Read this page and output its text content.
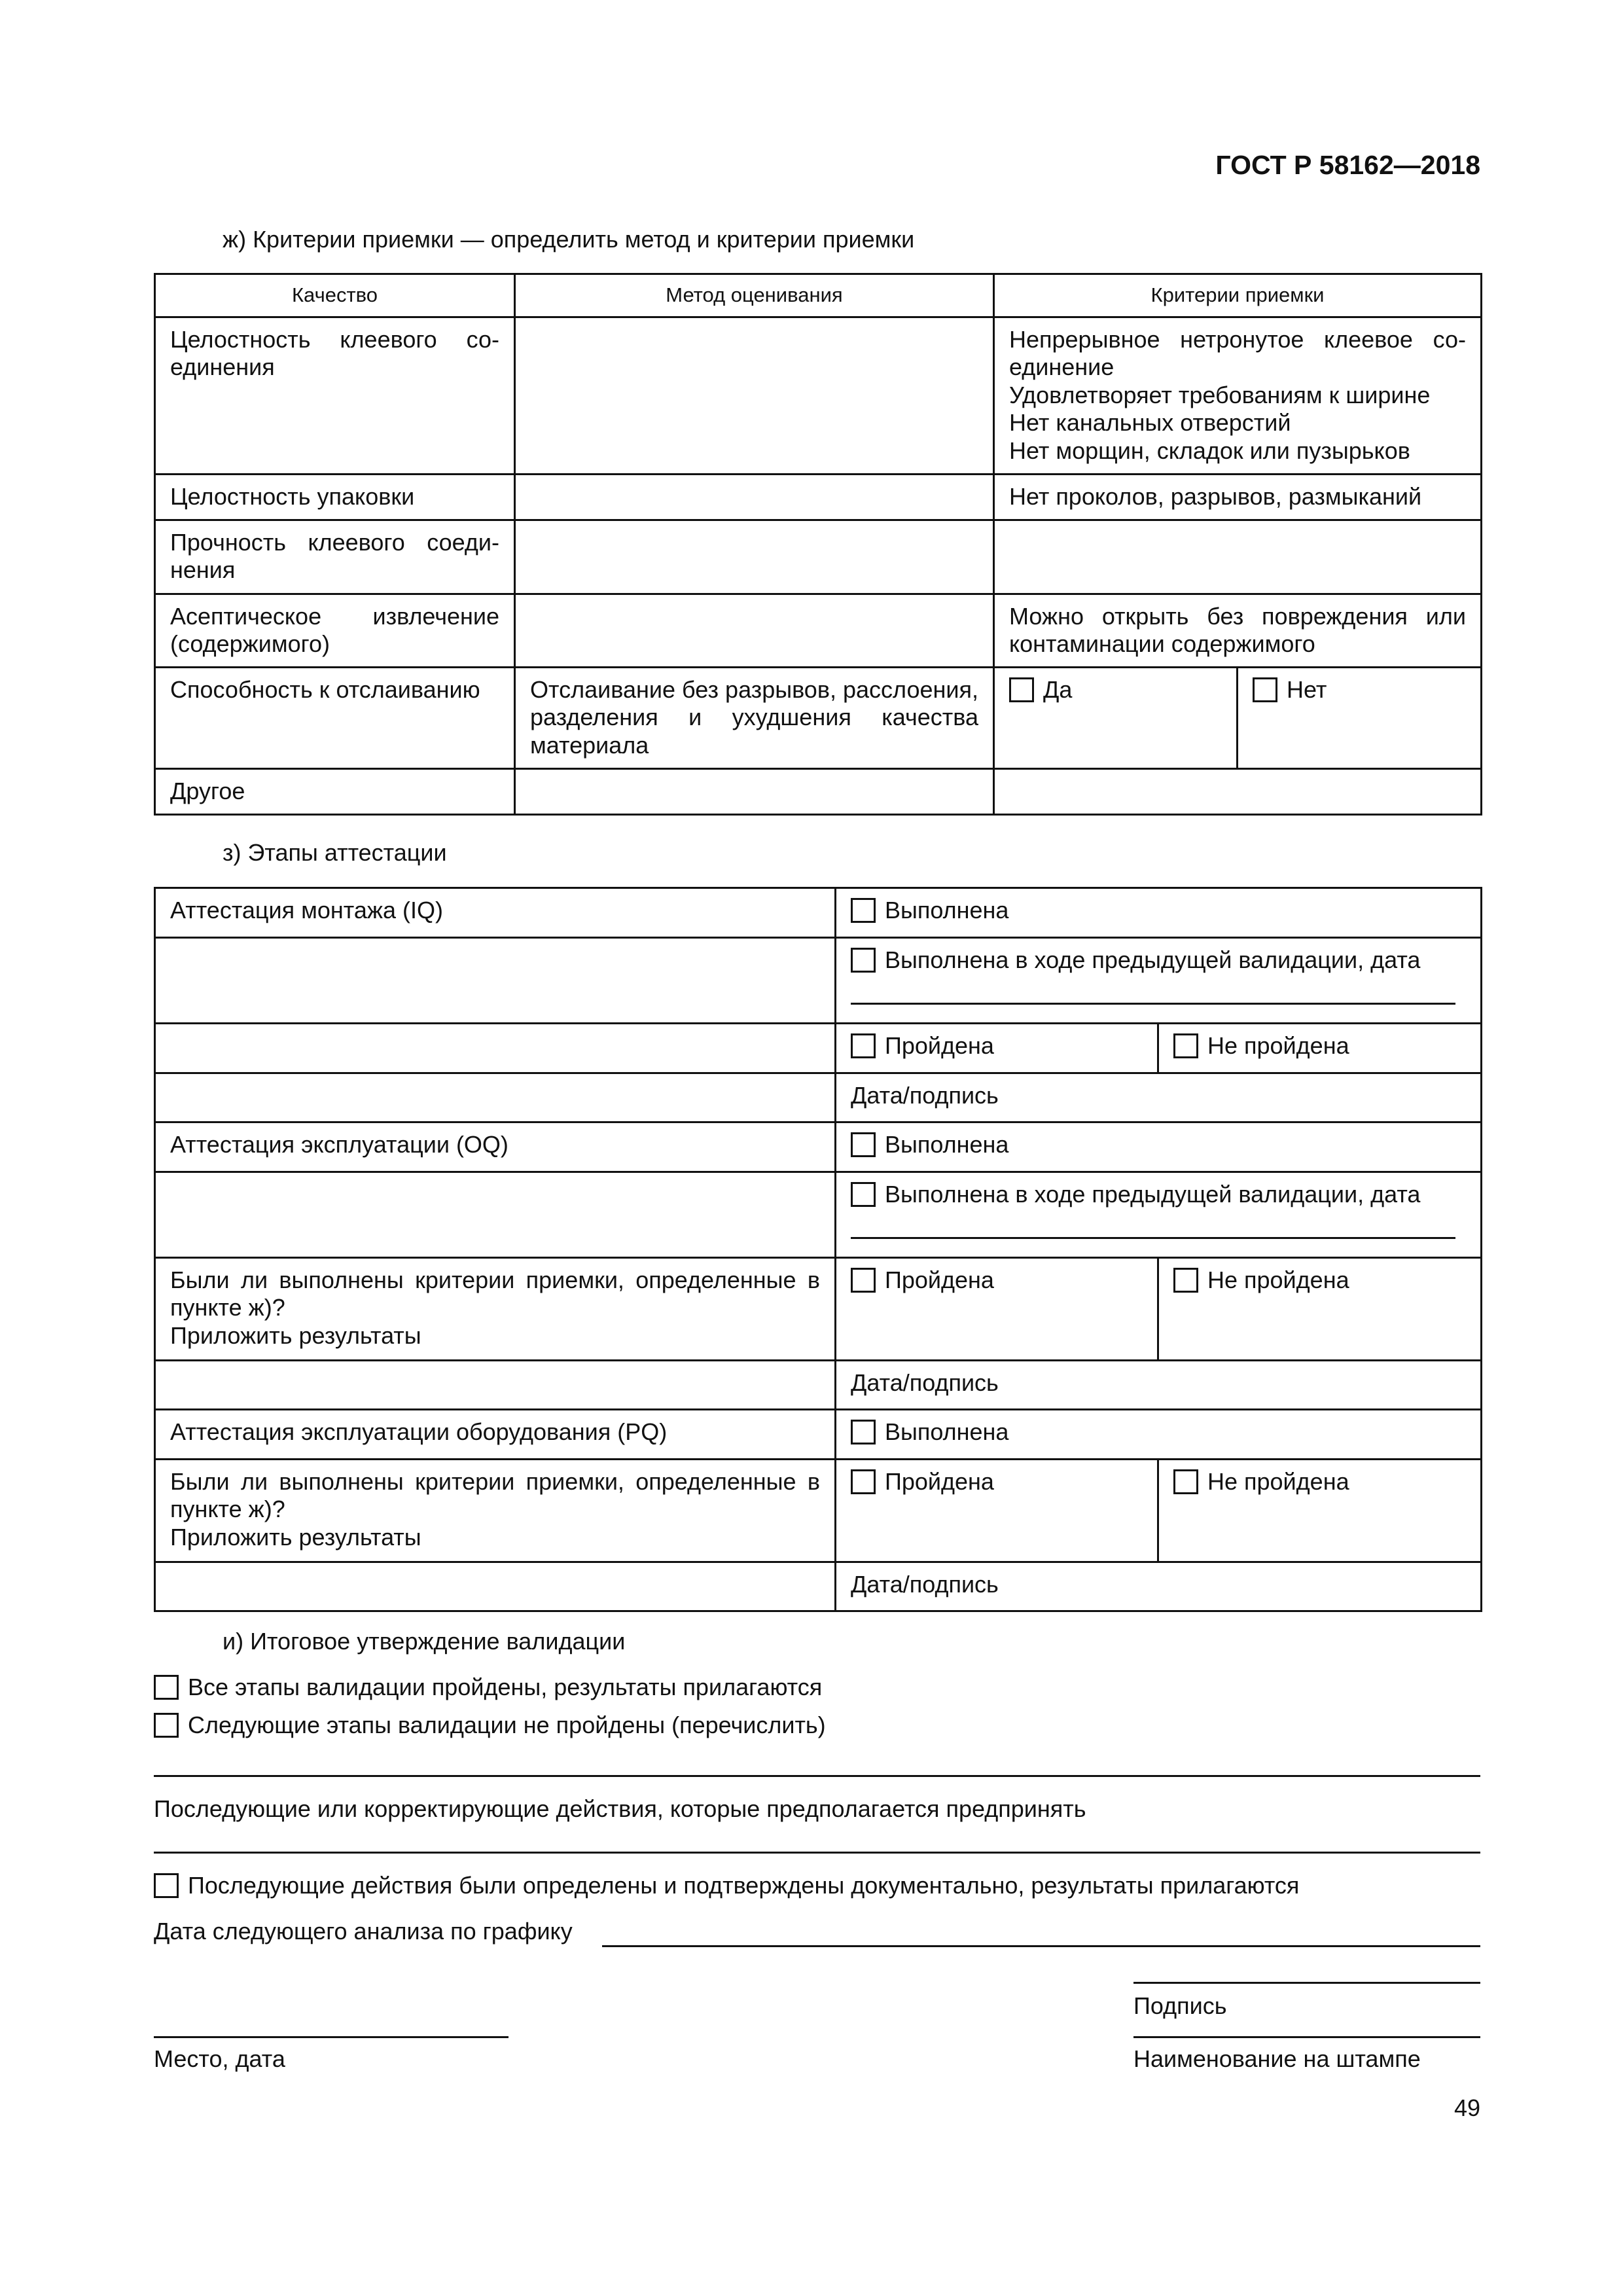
ГОСТ Р 58162—2018
ж) Критерии приемки — определить метод и критерии приемки
Качество	Метод оценивания	Критерии приемки	
Целостность клеевого соединения		Непрерывное нетронутое клеевое соединение
Удовлетворяет требованиям к ширине
Нет канальных отверстий
Нет морщин, складок или пузырьков	

Целостность упаковки		Нет проколов, разрывов, размыканий	
Прочность клеевого соединения			
Асептическое извлечение (содержимого)		Можно открыть без повреждения или контаминации содержимого	
Способность к отслаиванию	Отслаивание без разрывов, расслоения, разделения и ухудшения качества материала	Да	Нет
Другое			
з) Этапы аттестации
Аттестация монтажа (IQ)	Выполнена	
	Выполнена в ходе предыдущей валидации, дата	

	Пройдена	Не пройдена
	Дата/подпись	
Аттестация эксплуатации (OQ)	Выполнена	
	Выполнена в ходе предыдущей валидации, дата	

Были ли выполнены критерии приемки, определенные в пункте ж)?
Приложить результаты	Пройдена	Не пройдена
	Дата/подпись	
Аттестация эксплуатации оборудования (PQ)	Выполнена	

Были ли выполнены критерии приемки, определенные в пункте ж)?
Приложить результаты	Пройдена	Не пройдена
	Дата/подпись	
и) Итоговое утверждение валидации
Все этапы валидации пройдены, результаты прилагаются
Следующие этапы валидации не пройдены (перечислить)
Последующие или корректирующие действия, которые предполагается предпринять
Последующие действия были определены и подтверждены документально, результаты прилагаются
Дата следующего анализа по графику
Подпись
Место, дата	Наименование на штампе
49
